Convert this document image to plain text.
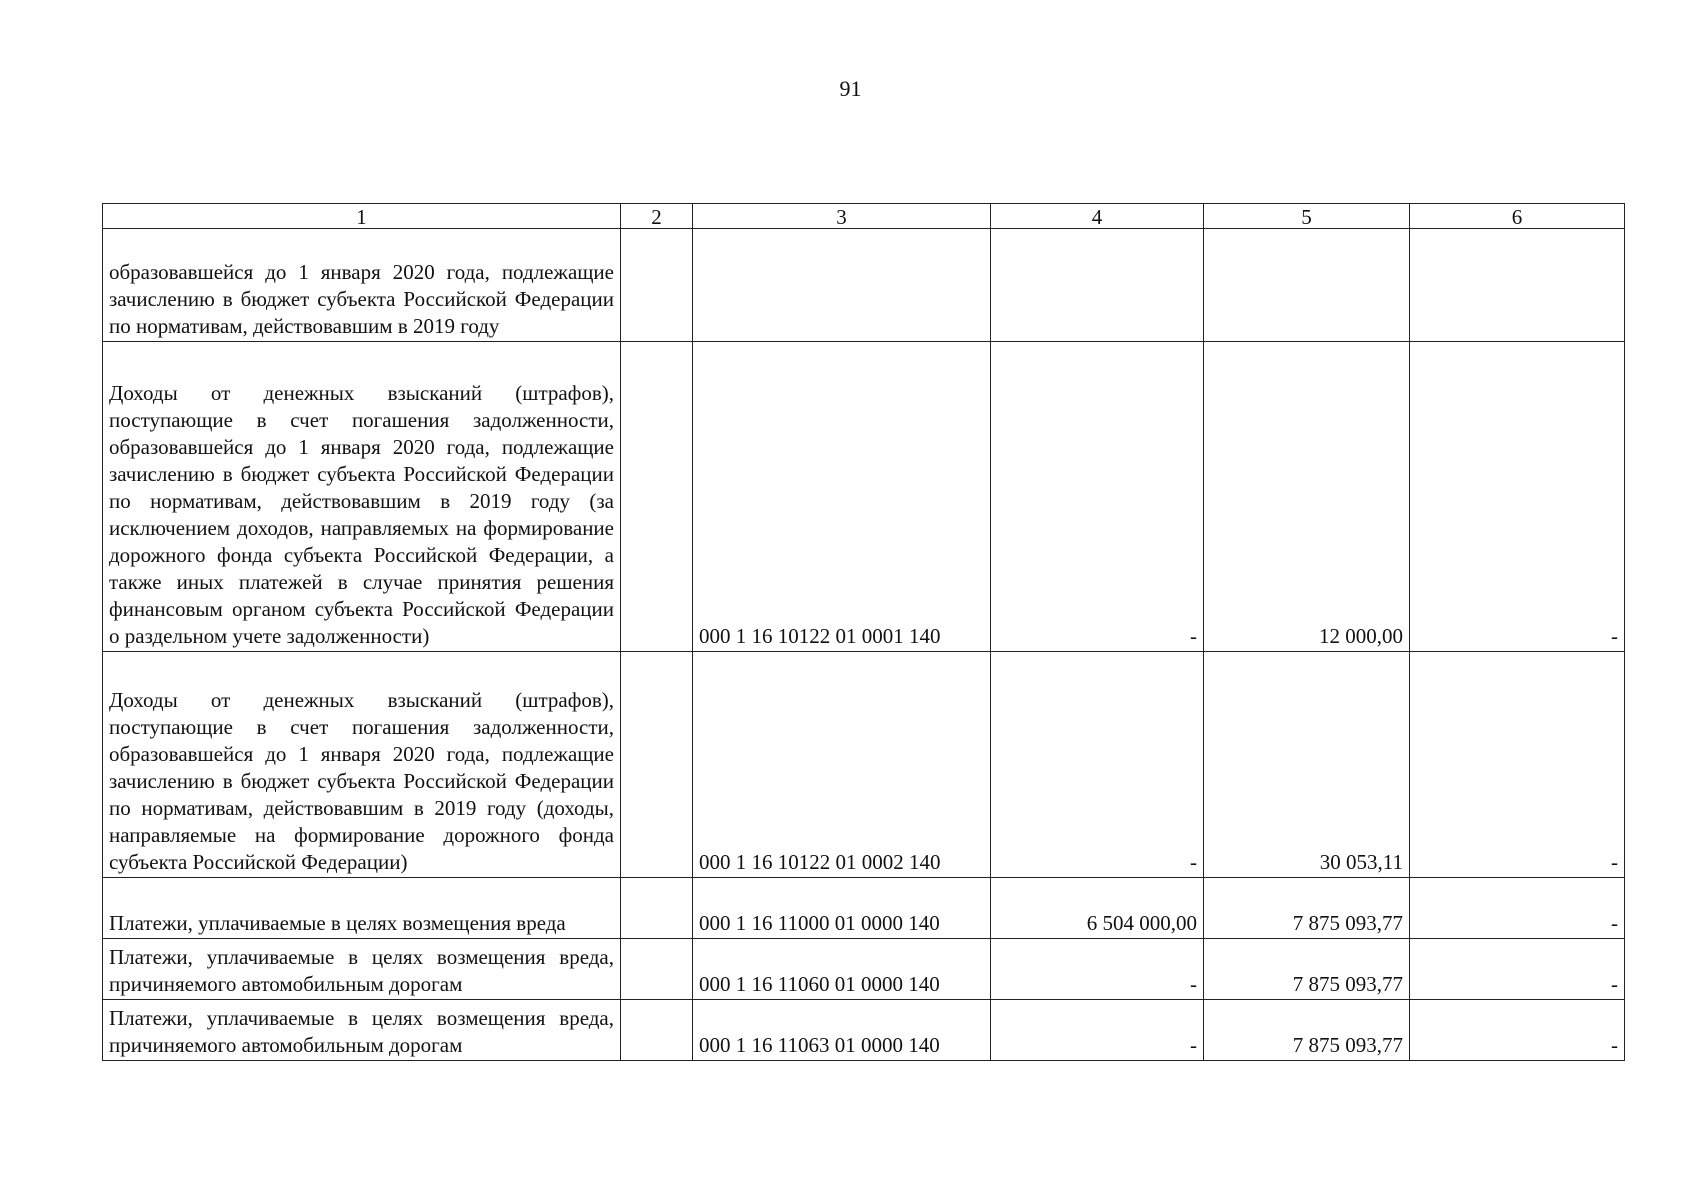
91
1	2	3	4	5	6
образовавшейся до 1 января 2020 года, подлежащие зачислению в бюджет субъекта Российской Федерации по нормативам, действовавшим в 2019 году					
Доходы от денежных взысканий (штрафов), поступающие в счет погашения задолженности, образовавшейся до 1 января 2020 года, подлежащие зачислению в бюджет субъекта Российской Федерации по нормативам, действовавшим в 2019 году (за исключением доходов, направляемых на формирование дорожного фонда субъекта Российской Федерации, а также иных платежей в случае принятия решения финансовым органом субъекта Российской Федерации о раздельном учете задолженности)		000 1 16 10122 01 0001 140	-	12 000,00	-
Доходы от денежных взысканий (штрафов), поступающие в счет погашения задолженности, образовавшейся до 1 января 2020 года, подлежащие зачислению в бюджет субъекта Российской Федерации по нормативам, действовавшим в 2019 году (доходы, направляемые на формирование дорожного фонда субъекта Российской Федерации)		000 1 16 10122 01 0002 140	-	30 053,11	-
Платежи, уплачиваемые в целях возмещения вреда		000 1 16 11000 01 0000 140	6 504 000,00	7 875 093,77	-
Платежи, уплачиваемые в целях возмещения вреда, причиняемого автомобильным дорогам		000 1 16 11060 01 0000 140	-	7 875 093,77	-
Платежи, уплачиваемые в целях возмещения вреда, причиняемого автомобильным дорогам		000 1 16 11063 01 0000 140	-	7 875 093,77	-
